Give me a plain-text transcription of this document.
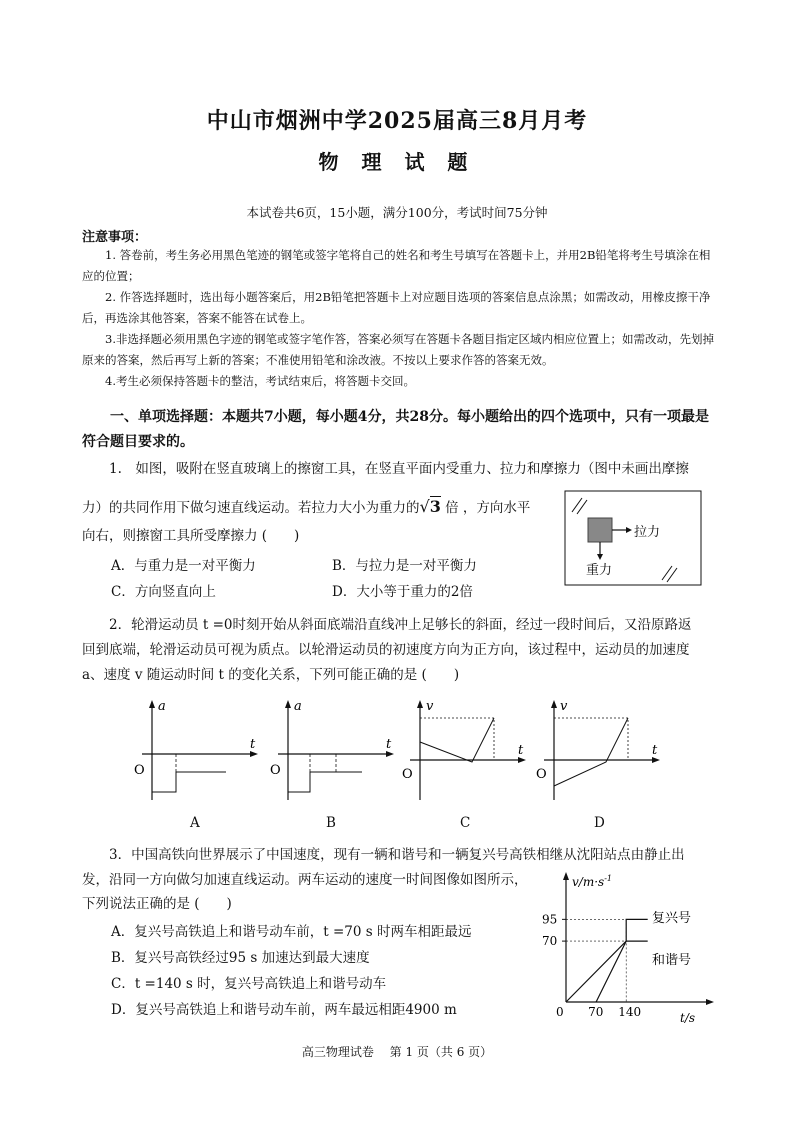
中山市烟洲中学2025届高三8月月考
物 理 试 题
本试卷共6页，15小题，满分100分，考试时间75分钟
注意事项：
1. 答卷前，考生务必用黑色笔迹的钢笔或签字笔将自己的姓名和考生号填写在答题卡上，并用2B铅笔将考生号填涂在相应的位置；
2. 作答选择题时，选出每小题答案后，用2B铅笔把答题卡上对应题目选项的答案信息点涂黑；如需改动，用橡皮擦干净后，再选涂其他答案，答案不能答在试卷上。
3.非选择题必须用黑色字迹的钢笔或签字笔作答，答案必须写在答题卡各题目指定区域内相应位置上；如需改动，先划掉原来的答案，然后再写上新的答案；不准使用铅笔和涂改液。不按以上要求作答的答案无效。
4.考生必须保持答题卡的整洁，考试结束后，将答题卡交回。
一、单项选择题：本题共7小题，每小题4分，共28分。每小题给出的四个选项中，只有一项最是符合题目要求的。
1.　如图，吸附在竖直玻璃上的擦窗工具，在竖直平面内受重力、拉力和摩擦力（图中未画出摩擦
力）的共同作用下做匀速直线运动。若拉力大小为重力的√3 倍 ，方向水平
向右，则擦窗工具所受摩擦力 (　　)
A．与重力是一对平衡力	B．与拉力是一对平衡力
C．方向竖直向上	D．大小等于重力的2倍
拉力
重力
2．轮滑运动员 t =0时刻开始从斜面底端沿直线冲上足够长的斜面，经过一段时间后，又沿原路返
回到底端，轮滑运动员可视为质点。以轮滑运动员的初速度方向为正方向，该过程中，运动员的加速度
a、速度 v 随运动时间 t 的变化关系，下列可能正确的是 (　　)
a
t
O
A
a
t
O
B
v
t
O
C
v
t
O
D
3．中国高铁向世界展示了中国速度，现有一辆和谐号和一辆复兴号高铁相继从沈阳站点由静止出
发，沿同一方向做匀加速直线运动。两车运动的速度一时间图像如图所示，
下列说法正确的是 (　　)
A．复兴号高铁追上和谐号动车前，t =70 s 时两车相距最远
B．复兴号高铁经过95 s 加速达到最大速度
C．t =140 s 时，复兴号高铁追上和谐号动车
D．复兴号高铁追上和谐号动车前，两车最远相距4900 m
$v/m\cdot s^{-1}$
t/s
0
70
95
70 140
复兴号
和谐号
高三物理试卷　 第 1 页（共 6 页）
